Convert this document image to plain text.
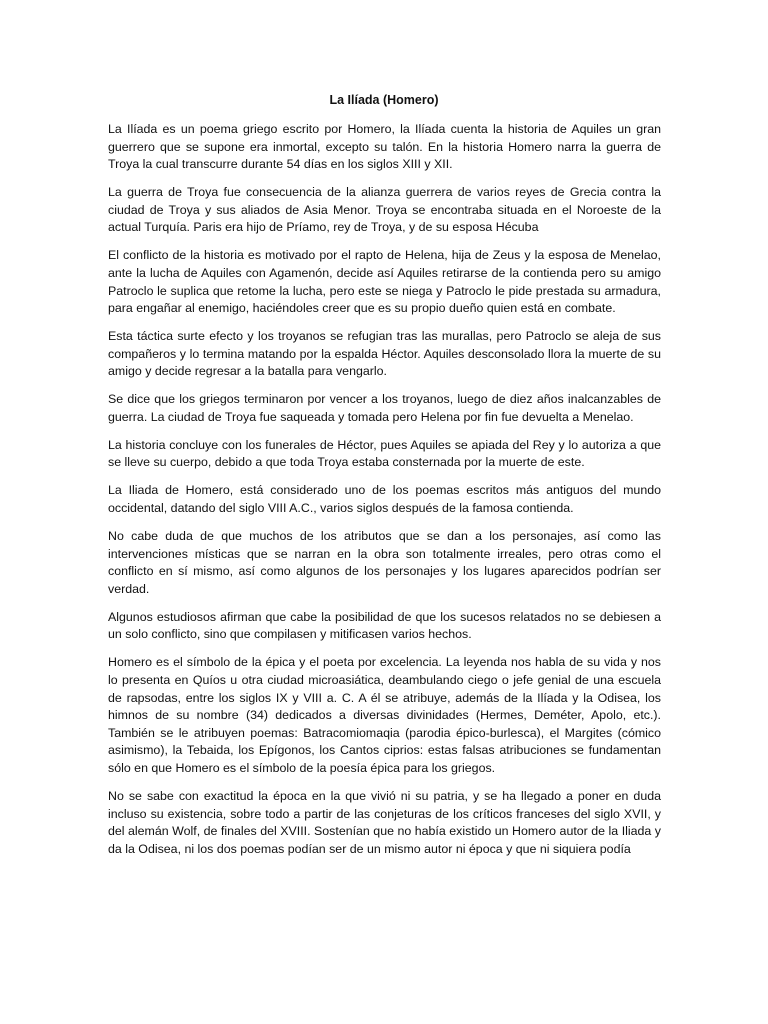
La Ilíada (Homero)

La Ilíada es un poema griego escrito por Homero, la Ilíada cuenta la historia de Aquiles un gran guerrero que se supone era inmortal, excepto su talón. En la historia Homero narra la guerra de Troya la cual transcurre durante 54 días en los siglos XIII y XII.

La guerra de Troya fue consecuencia de la alianza guerrera de varios reyes de Grecia contra la ciudad de Troya y sus aliados de Asia Menor. Troya se encontraba situada en el Noroeste de la actual Turquía. Paris era hijo de Príamo, rey de Troya, y de su esposa Hécuba

El conflicto de la historia es motivado por el rapto de Helena, hija de Zeus y la esposa de Menelao, ante la lucha de Aquiles con Agamenón, decide así Aquiles retirarse de la contienda pero su amigo Patroclo le suplica que retome la lucha, pero este se niega y Patroclo le pide prestada su armadura, para engañar al enemigo, haciéndoles creer que es su propio dueño quien está en combate.

Esta táctica surte efecto y los troyanos se refugian tras las murallas, pero Patroclo se aleja de sus compañeros y lo termina matando por la espalda Héctor. Aquiles desconsolado llora la muerte de su amigo y decide regresar a la batalla para vengarlo.

Se dice que los griegos terminaron por vencer a los troyanos, luego de diez años inalcanzables de guerra. La ciudad de Troya fue saqueada y tomada pero Helena por fin fue devuelta a Menelao.

La historia concluye con los funerales de Héctor, pues Aquiles se apiada del Rey y lo autoriza a que se lleve su cuerpo, debido a que toda Troya estaba consternada por la muerte de este.

La Iliada de Homero, está considerado uno de los poemas escritos más antiguos del mundo occidental, datando del siglo VIII A.C., varios siglos después de la famosa contienda.

No cabe duda de que muchos de los atributos que se dan a los personajes, así como las intervenciones místicas que se narran en la obra son totalmente irreales, pero otras como el conflicto en sí mismo, así como algunos de los personajes y los lugares aparecidos podrían ser verdad.

Algunos estudiosos afirman que cabe la posibilidad de que los sucesos relatados no se debiesen a un solo conflicto, sino que compilasen y mitificasen varios hechos.

Homero es el símbolo de la épica y el poeta por excelencia. La leyenda nos habla de su vida y nos lo presenta en Quíos u otra ciudad microasiática, deambulando ciego o jefe genial de una escuela de rapsodas, entre los siglos IX y VIII a. C. A él se atribuye, además de la Ilíada y la Odisea, los himnos de su nombre (34) dedicados a diversas divinidades (Hermes, Deméter, Apolo, etc.). También se le atribuyen poemas: Batracomiomaqia (parodia épico-burlesca), el Margites (cómico asimismo), la Tebaida, los Epígonos, los Cantos ciprios: estas falsas atribuciones se fundamentan sólo en que Homero es el símbolo de la poesía épica para los griegos.

No se sabe con exactitud la época en la que vivió ni su patria, y se ha llegado a poner en duda incluso su existencia, sobre todo a partir de las conjeturas de los críticos franceses del siglo XVII, y del alemán Wolf, de finales del XVIII. Sostenían que no había existido un Homero autor de la Iliada y da la Odisea, ni los dos poemas podían ser de un mismo autor ni época y que ni siquiera podía
